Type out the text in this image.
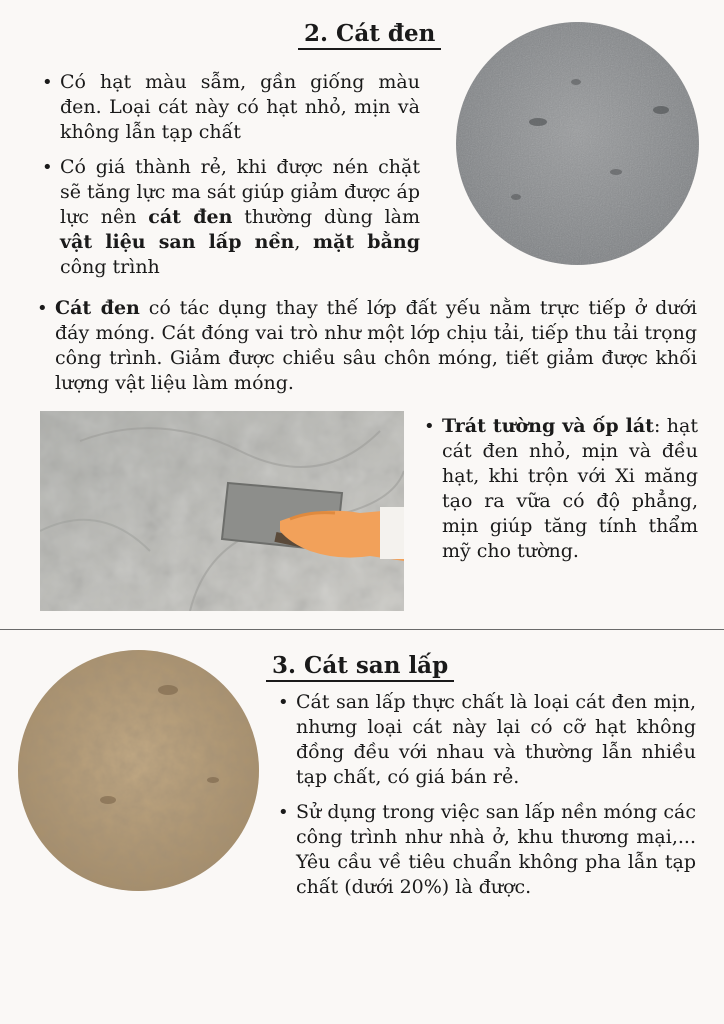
2. Cát đen
• Có hạt màu sẫm, gần giống màu đen. Loại cát này có hạt nhỏ, mịn và không lẫn tạp chất
• Có giá thành rẻ, khi được nén chặt sẽ tăng lực ma sát giúp giảm được áp lực nên cát đen thường dùng làm vật liệu san lấp nền, mặt bằng công trình
• Cát đen có tác dụng thay thế lớp đất yếu nằm trực tiếp ở dưới đáy móng. Cát đóng vai trò như một lớp chịu tải, tiếp thu tải trọng công trình. Giảm được chiều sâu chôn móng, tiết giảm được khối lượng vật liệu làm móng.
• Trát tường và ốp lát: hạt cát đen nhỏ, mịn và đều hạt, khi trộn với Xi măng tạo ra vữa có độ phẳng, mịn giúp tăng tính thẩm mỹ cho tường.
3. Cát san lấp
• Cát san lấp thực chất là loại cát đen mịn, nhưng loại cát này lại có cỡ hạt không đồng đều với nhau và thường lẫn nhiều tạp chất, có giá bán rẻ.
• Sử dụng trong việc san lấp nền móng các công trình như nhà ở, khu thương mại,... Yêu cầu về tiêu chuẩn không pha lẫn tạp chất (dưới 20%) là được.
